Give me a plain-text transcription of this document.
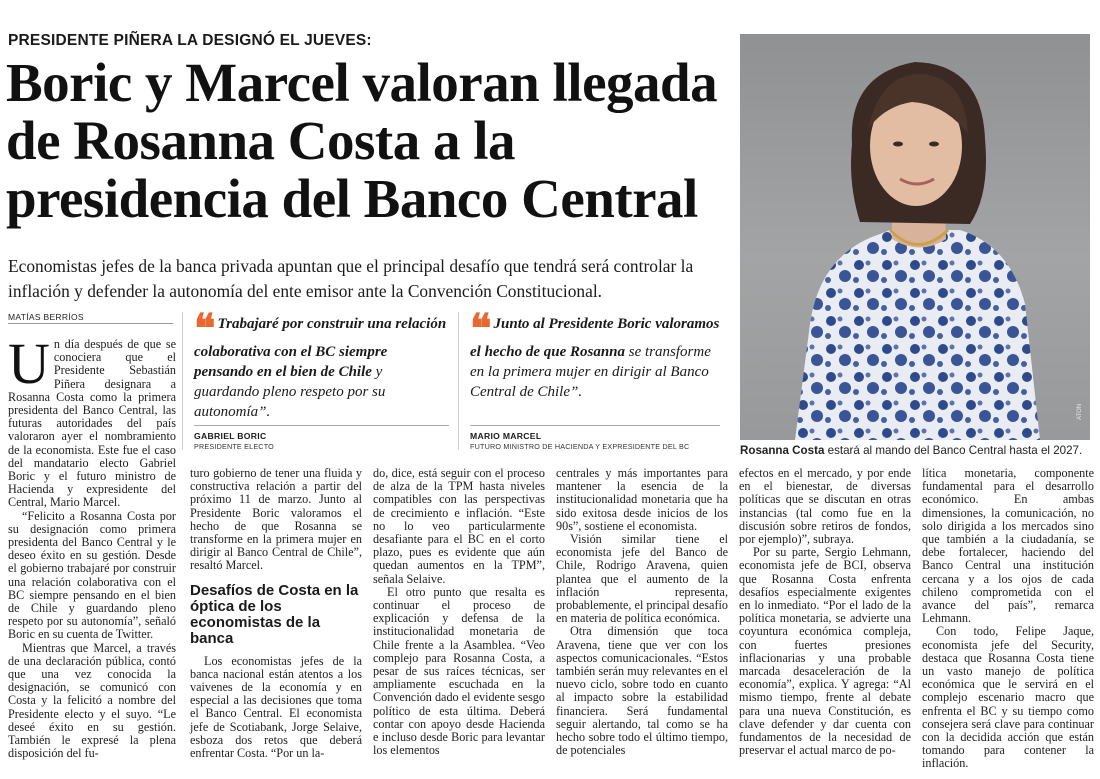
PRESIDENTE PIÑERA LA DESIGNÓ EL JUEVES:
Boric y Marcel valoran llegada de Rosanna Costa a la presidencia del Banco Central
Economistas jefes de la banca privada apuntan que el principal desafío que tendrá será controlar la inflación y defender la autonomía del ente emisor ante la Convención Constitucional.
ATON
Rosanna Costa estará al mando del Banco Central hasta el 2027.
MATÍAS BERRÍOS
U n día después de que se conociera que el Presidente Sebastián Piñera designara a Rosanna Costa como la primera presidenta del Banco Central, las futuras autoridades del país valoraron ayer el nombramiento de la economista. Este fue el caso del mandatario electo Gabriel Boric y el futuro ministro de Hacienda y expresidente del Central, Mario Marcel.

“Felicito a Rosanna Costa por su designación como primera presidenta del Banco Central y le deseo éxito en su gestión. Desde el gobierno trabajaré por construir una relación colaborativa con el BC siempre pensando en el bien de Chile y guardando pleno respeto por su autonomía”, señaló Boric en su cuenta de Twitter.

Mientras que Marcel, a través de una declaración pública, contó que una vez conocida la designación, se comunicó con Costa y la felicitó a nombre del Presidente electo y el suyo. “Le deseé éxito en su gestión. También le expresé la plena disposición del fu-

❝ Trabajaré por construir una relación colaborativa con el BC siempre pensando en el bien de Chile y guardando pleno respeto por su autonomía”.
GABRIEL BORIC
PRESIDENTE ELECTO
❝ Junto al Presidente Boric valoramos el hecho de que Rosanna se transforme en la primera mujer en dirigir al Banco Central de Chile”.
MARIO MARCEL
FUTURO MINISTRO DE HACIENDA Y EXPRESIDENTE DEL BC

turo gobierno de tener una fluida y constructiva relación a partir del próximo 11 de marzo. Junto al Presidente Boric valoramos el hecho de que Rosanna se transforme en la primera mujer en dirigir al Banco Central de Chile”, resaltó Marcel.

Desafíos de Costa en la óptica de los economistas de la banca

Los economistas jefes de la banca nacional están atentos a los vaivenes de la economía y en especial a las decisiones que toma el Banco Central. El economista jefe de Scotiabank, Jorge Selaive, esboza dos retos que deberá enfrentar Costa. “Por un la-

do, dice, está seguir con el proceso de alza de la TPM hasta niveles compatibles con las perspectivas de crecimiento e inflación. “Este no lo veo particularmente desafiante para el BC en el corto plazo, pues es evidente que aún quedan aumentos en la TPM”, señala Selaive.

El otro punto que resalta es continuar el proceso de explicación y defensa de la institucionalidad monetaria de Chile frente a la Asamblea. “Veo complejo para Rosanna Costa, a pesar de sus raíces técnicas, ser ampliamente escuchada en la Convención dado el evidente sesgo político de esta última. Deberá contar con apoyo desde Hacienda e incluso desde Boric para levantar los elementos

centrales y más importantes para mantener la esencia de la institucionalidad monetaria que ha sido exitosa desde inicios de los 90s”, sostiene el economista.

Visión similar tiene el economista jefe del Banco de Chile, Rodrigo Aravena, quien plantea que el aumento de la inflación representa, probablemente, el principal desafío en materia de política económica.

Otra dimensión que toca Aravena, tiene que ver con los aspectos comunicacionales. “Estos también serán muy relevantes en el nuevo ciclo, sobre todo en cuanto al impacto sobre la estabilidad financiera. Será fundamental seguir alertando, tal como se ha hecho sobre todo el último tiempo, de potenciales

efectos en el mercado, y por ende en el bienestar, de diversas políticas que se discutan en otras instancias (tal como fue en la discusión sobre retiros de fondos, por ejemplo)”, subraya.

Por su parte, Sergio Lehmann, economista jefe de BCI, observa que Rosanna Costa enfrenta desafíos especialmente exigentes en lo inmediato. “Por el lado de la política monetaria, se advierte una coyuntura económica compleja, con fuertes presiones inflacionarias y una probable marcada desaceleración de la economía”, explica. Y agrega: “Al mismo tiempo, frente al debate para una nueva Constitución, es clave defender y dar cuenta con fundamentos de la necesidad de preservar el actual marco de po-

lítica monetaria, componente fundamental para el desarrollo económico. En ambas dimensiones, la comunicación, no solo dirigida a los mercados sino que también a la ciudadanía, se debe fortalecer, haciendo del Banco Central una institución cercana y a los ojos de cada chileno comprometida con el avance del país”, remarca Lehmann.

Con todo, Felipe Jaque, economista jefe del Security, destaca que Rosanna Costa tiene un vasto manejo de política económica que le servirá en el complejo escenario macro que enfrenta el BC y su tiempo como consejera será clave para continuar con la decidida acción que están tomando para contener la inflación.
